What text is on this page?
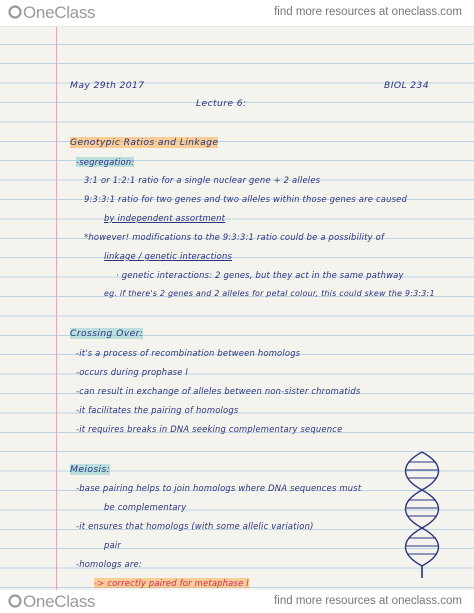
OneClass	find more resources at oneclass.com
May 29th 2017	BIOL 234
Lecture 6:
Genotypic Ratios and Linkage
-segregation:
3:1 or 1:2:1 ratio for a single nuclear gene + 2 alleles
9:3:3:1 ratio for two genes and two alleles within those genes are caused
by independent assortment
*however! modifications to the 9:3:3:1 ratio could be a possibility of
linkage / genetic interactions
· genetic interactions: 2 genes, but they act in the same pathway
eg. if there's 2 genes and 2 alleles for petal colour, this could skew the 9:3:3:1
Crossing Over:
-it's a process of recombination between homologs
-occurs during prophase I
-can result in exchange of alleles between non-sister chromatids
-it facilitates the pairing of homologs
-it requires breaks in DNA seeking complementary sequence
Meiosis:
-base pairing helps to join homologs where DNA sequences must
be complementary
-it ensures that homologs (with some allelic variation)
pair
-homologs are:
-> correctly paired for metaphase I
OneClass	find more resources at oneclass.com
